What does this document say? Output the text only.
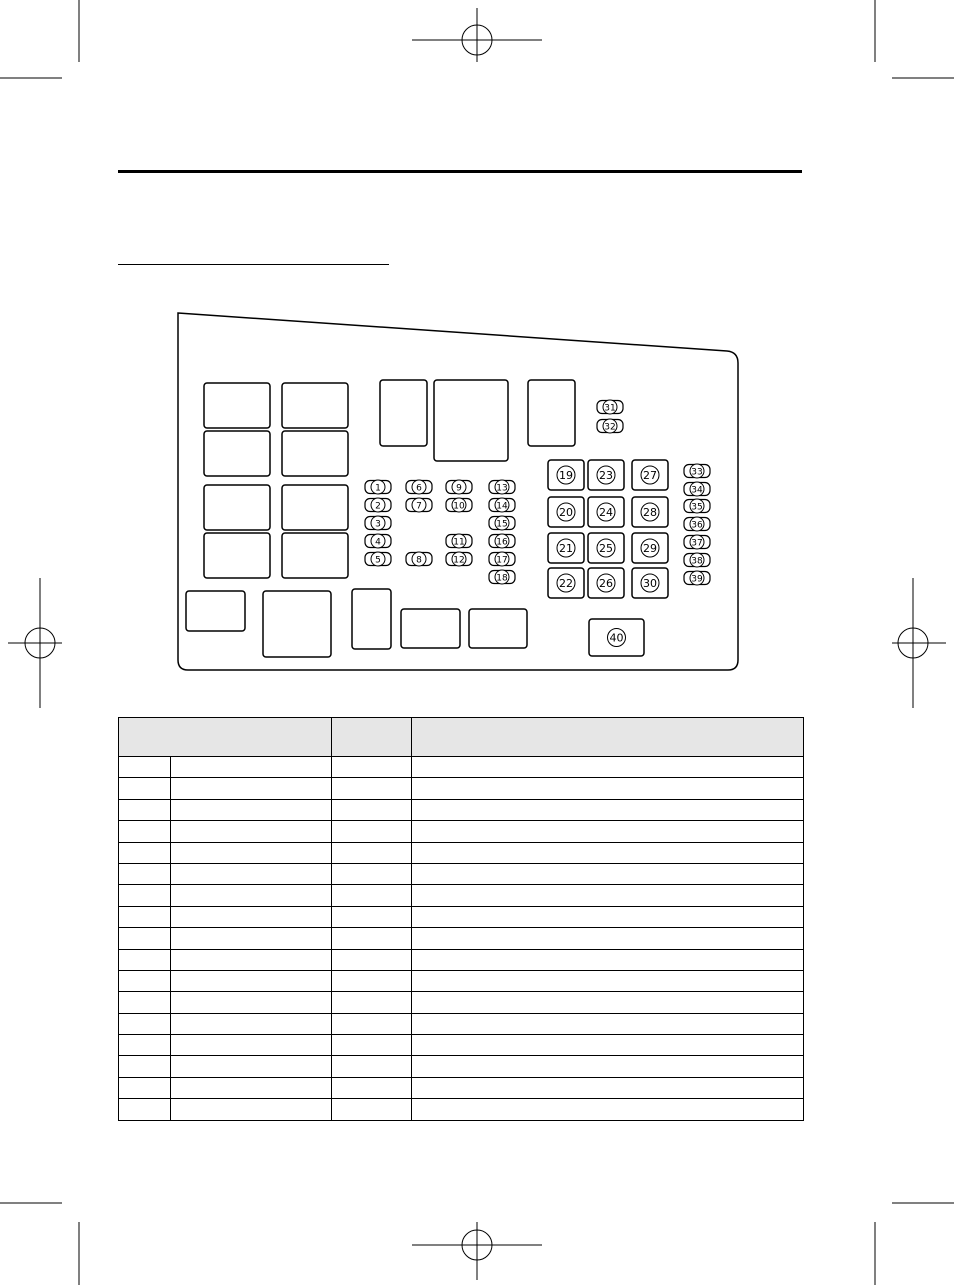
1
2
3
4
5
6
7
8
9
10
11
12
13
14
15
16
17
18
31
32
33
34
35
36
37
38
39
19
20
21
22
23
24
25
26
27
28
29
30
40
